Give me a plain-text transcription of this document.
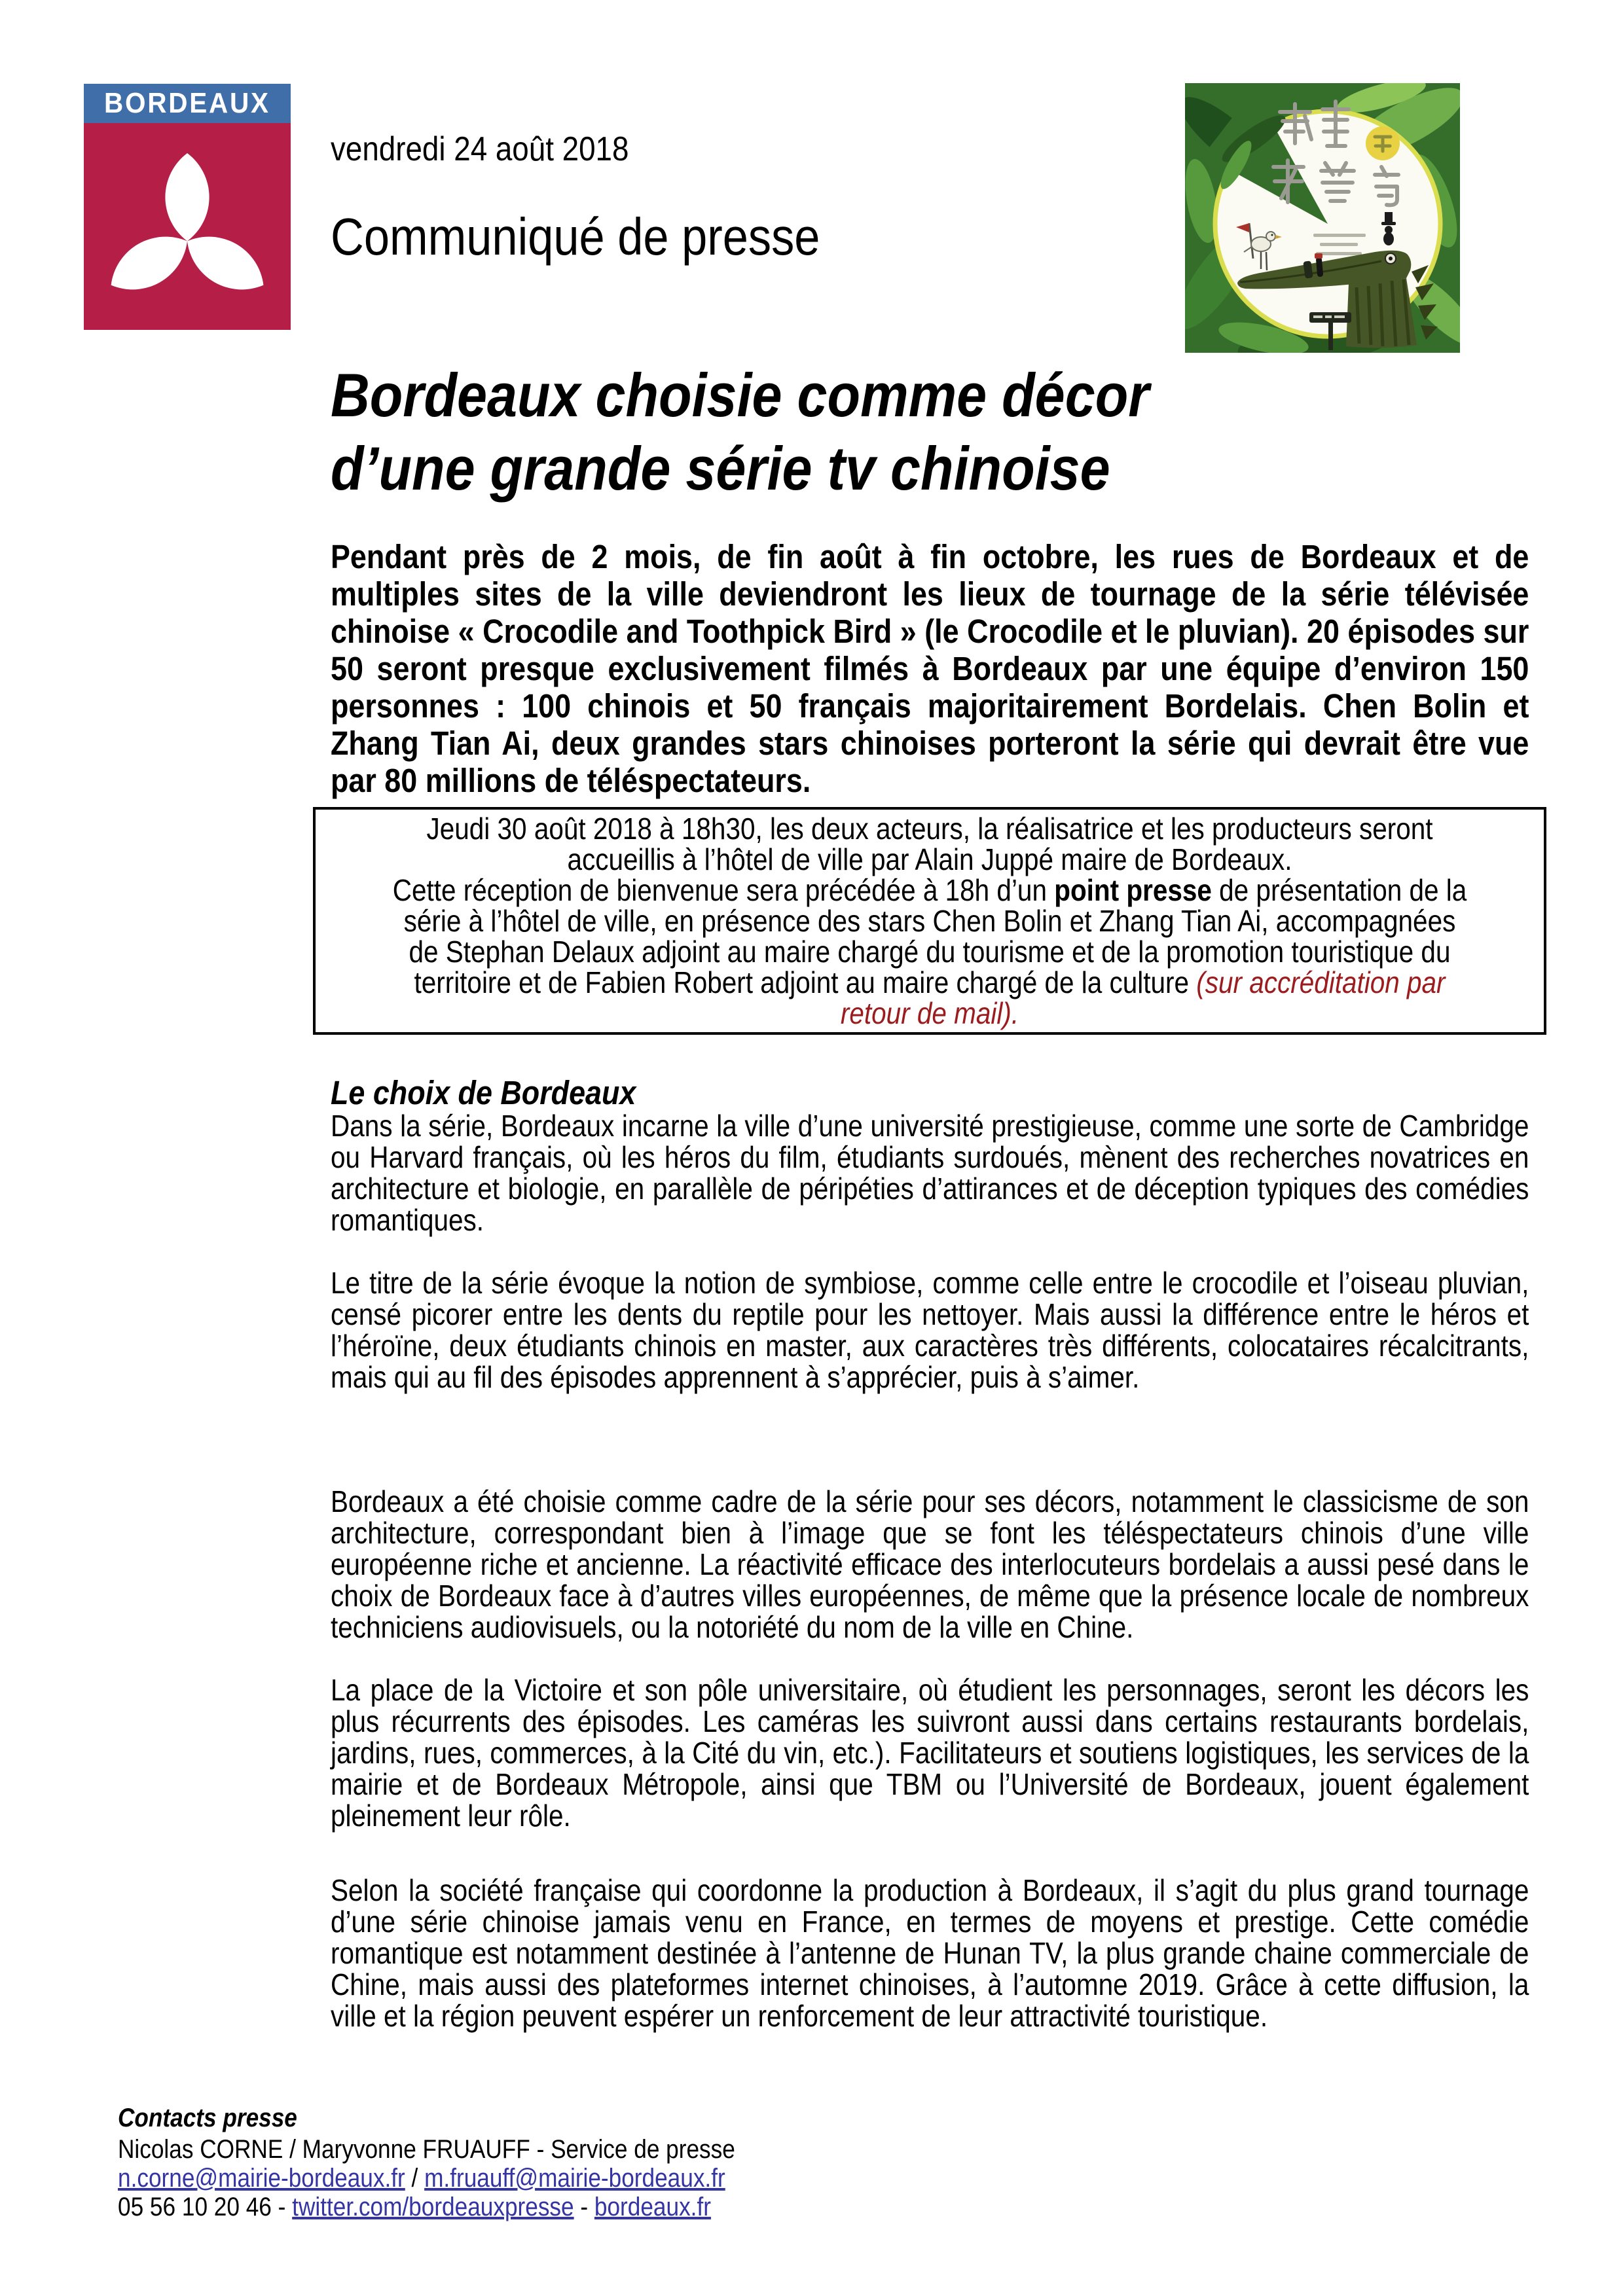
BORDEAUX
vendredi 24 août 2018
Communiqué de presse
Bordeaux choisie comme décor
d’une grande série tv chinoise
Pendant près de 2 mois, de fin août à fin octobre, les rues de Bordeaux et de multiples sites de la ville deviendront les lieux de tournage de la série télévisée chinoise « Crocodile and Toothpick Bird » (le Crocodile et le pluvian). 20 épisodes sur 50 seront presque exclusivement filmés à Bordeaux par une équipe d’environ 150 personnes : 100 chinois et 50 français majoritairement Bordelais. Chen Bolin et Zhang Tian Ai, deux grandes stars chinoises porteront la série qui devrait être vue par 80 millions de téléspectateurs.
Jeudi 30 août 2018 à 18h30, les deux acteurs, la réalisatrice et les producteurs seront accueillis à l’hôtel de ville par Alain Juppé maire de Bordeaux.
Cette réception de bienvenue sera précédée à 18h d’un point presse de présentation de la série à l’hôtel de ville, en présence des stars Chen Bolin et Zhang Tian Ai, accompagnées de Stephan Delaux adjoint au maire chargé du tourisme et de la promotion touristique du territoire et de Fabien Robert adjoint au maire chargé de la culture (sur accréditation par retour de mail).
Le choix de Bordeaux
Dans la série, Bordeaux incarne la ville d’une université prestigieuse, comme une sorte de Cambridge ou Harvard français, où les héros du film, étudiants surdoués, mènent des recherches novatrices en architecture et biologie, en parallèle de péripéties d’attirances et de déception typiques des comédies romantiques.
Le titre de la série évoque la notion de symbiose, comme celle entre le crocodile et l’oiseau pluvian, censé picorer entre les dents du reptile pour les nettoyer. Mais aussi la différence entre le héros et l’héroïne, deux étudiants chinois en master, aux caractères très différents, colocataires récalcitrants, mais qui au fil des épisodes apprennent à s’apprécier, puis à s’aimer.
Bordeaux a été choisie comme cadre de la série pour ses décors, notamment le classicisme de son architecture, correspondant bien à l’image que se font les téléspectateurs chinois d’une ville européenne riche et ancienne. La réactivité efficace des interlocuteurs bordelais a aussi pesé dans le choix de Bordeaux face à d’autres villes européennes, de même que la présence locale de nombreux techniciens audiovisuels, ou la notoriété du nom de la ville en Chine.
La place de la Victoire et son pôle universitaire, où étudient les personnages, seront les décors les plus récurrents des épisodes. Les caméras les suivront aussi dans certains restaurants bordelais, jardins, rues, commerces, à la Cité du vin, etc.). Facilitateurs et soutiens logistiques, les services de la mairie et de Bordeaux Métropole, ainsi que TBM ou l’Université de Bordeaux, jouent également pleinement leur rôle.
Selon la société française qui coordonne la production à Bordeaux, il s’agit du plus grand tournage d’une série chinoise jamais venu en France, en termes de moyens et prestige. Cette comédie romantique est notamment destinée à l’antenne de Hunan TV, la plus grande chaine commerciale de Chine, mais aussi des plateformes internet chinoises, à l’automne 2019. Grâce à cette diffusion, la ville et la région peuvent espérer un renforcement de leur attractivité touristique.
Contacts presse
Nicolas CORNE / Maryvonne FRUAUFF - Service de presse
n.corne@mairie-bordeaux.fr / m.fruauff@mairie-bordeaux.fr
05 56 10 20 46 - twitter.com/bordeauxpresse - bordeaux.fr
